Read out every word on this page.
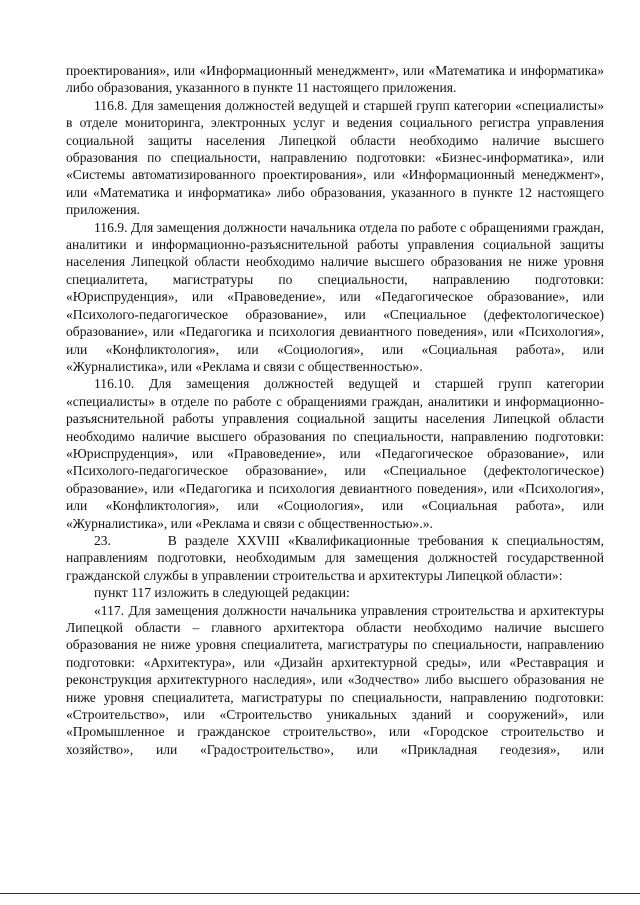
проектирования», или «Информационный менеджмент», или «Математика и информатика» либо образования, указанного в пункте 11 настоящего приложения.

116.8. Для замещения должностей ведущей и старшей групп категории «специалисты» в отделе мониторинга, электронных услуг и ведения социального регистра управления социальной защиты населения Липецкой области необходимо наличие высшего образования по специальности, направлению подготовки: «Бизнес-информатика», или «Системы автоматизированного проектирования», или «Информационный менеджмент», или «Математика и информатика» либо образования, указанного в пункте 12 настоящего приложения.

116.9. Для замещения должности начальника отдела по работе с обращениями граждан, аналитики и информационно-разъяснительной работы управления социальной защиты населения Липецкой области необходимо наличие высшего образования не ниже уровня специалитета, магистратуры по специальности, направлению подготовки: «Юриспруденция», или «Правоведение», или «Педагогическое образование», или «Психолого-педагогическое образование», или «Специальное (дефектологическое) образование», или «Педагогика и психология девиантного поведения», или «Психология», или «Конфликтология», или «Социология», или «Социальная работа», или «Журналистика», или «Реклама и связи с общественностью».

116.10. Для замещения должностей ведущей и старшей групп категории «специалисты» в отделе по работе с обращениями граждан, аналитики и информационно-разъяснительной работы управления социальной защиты населения Липецкой области необходимо наличие высшего образования по специальности, направлению подготовки: «Юриспруденция», или «Правоведение», или «Педагогическое образование», или «Психолого-педагогическое образование», или «Специальное (дефектологическое) образование», или «Педагогика и психология девиантного поведения», или «Психология», или «Конфликтология», или «Социология», или «Социальная работа», или «Журналистика», или «Реклама и связи с общественностью».».

23.       В разделе XXVIII «Квалификационные требования к специальностям, направлениям подготовки, необходимым для замещения должностей государственной гражданской службы в управлении строительства и архитектуры Липецкой области»:

пункт 117 изложить в следующей редакции:

«117. Для замещения должности начальника управления строительства и архитектуры Липецкой области – главного архитектора области необходимо наличие высшего образования не ниже уровня специалитета, магистратуры по специальности, направлению подготовки: «Архитектура», или «Дизайн архитектурной среды», или «Реставрация и реконструкция архитектурного наследия», или «Зодчество» либо высшего образования не ниже уровня специалитета, магистратуры по специальности, направлению подготовки: «Строительство», или «Строительство уникальных зданий и сооружений», или «Промышленное и гражданское строительство», или «Городское строительство и хозяйство», или «Градостроительство», или «Прикладная геодезия», или
